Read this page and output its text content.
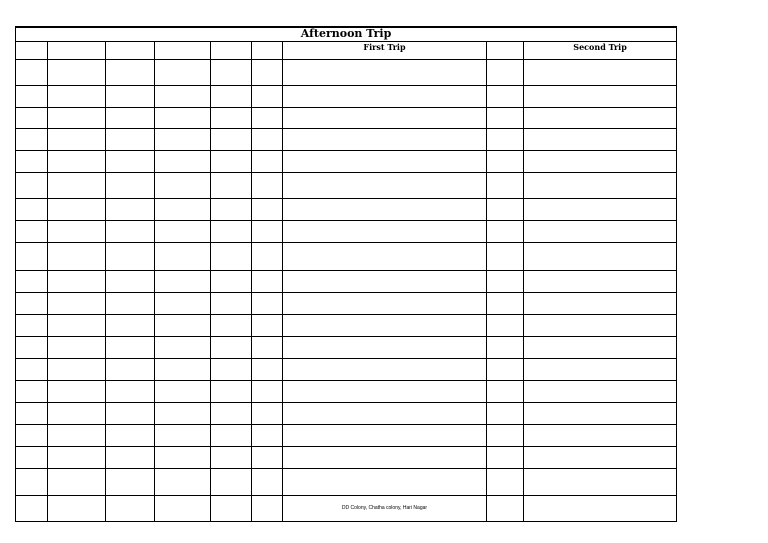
Afternoon Trip								
						First Trip		Second Trip

						DD Colony, Chatha colony, Hari Nagar		
